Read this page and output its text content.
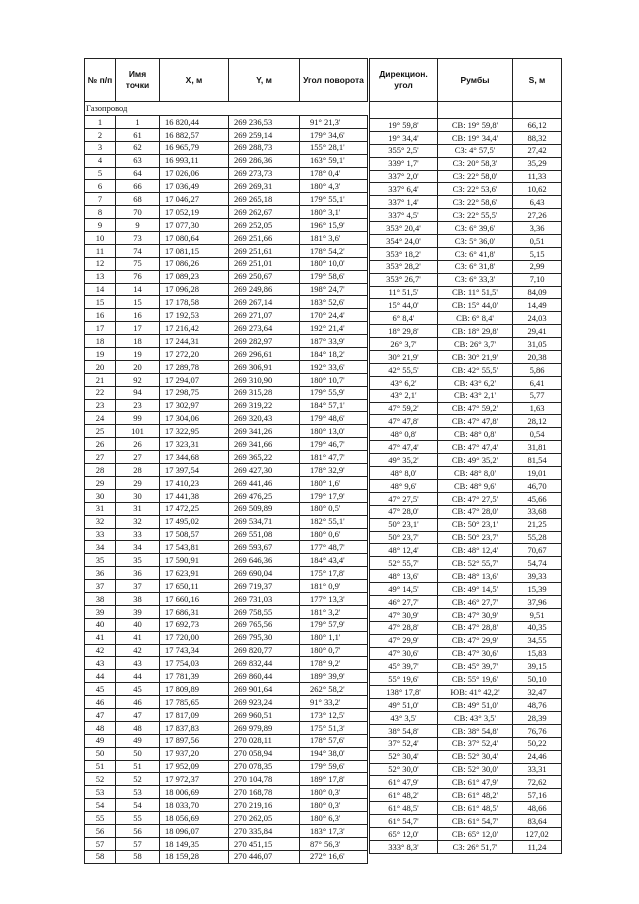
№ п/п	Имя точки	X, м	Y, м	Угол поворота
Газопровод				
1	1	16 820,44	269 236,53	91° 21,3'
2	61	16 882,57	269 259,14	179° 34,6'
3	62	16 965,79	269 288,73	155° 28,1'
4	63	16 993,11	269 286,36	163° 59,1'
5	64	17 026,06	269 273,73	178° 0,4'
6	66	17 036,49	269 269,31	180° 4,3'
7	68	17 046,27	269 265,18	179° 55,1'
8	70	17 052,19	269 262,67	180° 3,1'
9	9	17 077,30	269 252,05	196° 15,9'
10	73	17 080,64	269 251,66	181° 3,6'
11	74	17 081,15	269 251,61	178° 54,2'
12	75	17 086,26	269 251,01	180° 10,0'
13	76	17 089,23	269 250,67	179° 58,6'
14	14	17 096,28	269 249,86	198° 24,7'
15	15	17 178,58	269 267,14	183° 52,6'
16	16	17 192,53	269 271,07	170° 24,4'
17	17	17 216,42	269 273,64	192° 21,4'
18	18	17 244,31	269 282,97	187° 33,9'
19	19	17 272,20	269 296,61	184° 18,2'
20	20	17 289,78	269 306,91	192° 33,6'
21	92	17 294,07	269 310,90	180° 10,7'
22	94	17 298,75	269 315,28	179° 55,9'
23	23	17 302,97	269 319,22	184° 57,1'
24	99	17 304,06	269 320,43	179° 48,6'
25	101	17 322,95	269 341,26	180° 13,0'
26	26	17 323,31	269 341,66	179° 46,7'
27	27	17 344,68	269 365,22	181° 47,7'
28	28	17 397,54	269 427,30	178° 32,9'
29	29	17 410,23	269 441,46	180° 1,6'
30	30	17 441,38	269 476,25	179° 17,9'
31	31	17 472,25	269 509,89	180° 0,5'
32	32	17 495,02	269 534,71	182° 55,1'
33	33	17 508,57	269 551,08	180° 0,6'
34	34	17 543,81	269 593,67	177° 48,7'
35	35	17 590,91	269 646,36	184° 43,4'
36	36	17 623,91	269 690,04	175° 17,8'
37	37	17 650,11	269 719,37	181° 0,9'
38	38	17 660,16	269 731,03	177° 13,3'
39	39	17 686,31	269 758,55	181° 3,2'
40	40	17 692,73	269 765,56	179° 57,9'
41	41	17 720,00	269 795,30	180° 1,1'
42	42	17 743,34	269 820,77	180° 0,7'
43	43	17 754,03	269 832,44	178° 9,2'
44	44	17 781,39	269 860,44	189° 39,9'
45	45	17 809,89	269 901,64	262° 58,2'
46	46	17 785,65	269 923,24	91° 33,2'
47	47	17 817,09	269 960,51	173° 12,5'
48	48	17 837,83	269 979,89	175° 51,3'
49	49	17 897,56	270 028,11	178° 57,6'
50	50	17 937,20	270 058,94	194° 38,0'
51	51	17 952,09	270 078,35	179° 59,6'
52	52	17 972,37	270 104,78	189° 17,8'
53	53	18 006,69	270 168,78	180° 0,3'
54	54	18 033,70	270 219,16	180° 0,3'
55	55	18 056,69	270 262,05	180° 6,3'
56	56	18 096,07	270 335,84	183° 17,3'
57	57	18 149,35	270 451,15	87° 56,3'
58	58	18 159,28	270 446,07	272° 16,6'
Дирекцион. угол	Румбы	S, м

19° 59,8'	СВ: 19° 59,8'	66,12
19° 34,4'	СВ: 19° 34,4'	88,32
355° 2,5'	СЗ: 4° 57,5'	27,42
339° 1,7'	СЗ: 20° 58,3'	35,29
337° 2,0'	СЗ: 22° 58,0'	11,33
337° 6,4'	СЗ: 22° 53,6'	10,62
337° 1,4'	СЗ: 22° 58,6'	6,43
337° 4,5'	СЗ: 22° 55,5'	27,26
353° 20,4'	СЗ: 6° 39,6'	3,36
354° 24,0'	СЗ: 5° 36,0'	0,51
353° 18,2'	СЗ: 6° 41,8'	5,15
353° 28,2'	СЗ: 6° 31,8'	2,99
353° 26,7'	СЗ: 6° 33,3'	7,10
11° 51,5'	СВ: 11° 51,5'	84,09
15° 44,0'	СВ: 15° 44,0'	14,49
6° 8,4'	СВ: 6° 8,4'	24,03
18° 29,8'	СВ: 18° 29,8'	29,41
26° 3,7'	СВ: 26° 3,7'	31,05
30° 21,9'	СВ: 30° 21,9'	20,38
42° 55,5'	СВ: 42° 55,5'	5,86
43° 6,2'	СВ: 43° 6,2'	6,41
43° 2,1'	СВ: 43° 2,1'	5,77
47° 59,2'	СВ: 47° 59,2'	1,63
47° 47,8'	СВ: 47° 47,8'	28,12
48° 0,8'	СВ: 48° 0,8'	0,54
47° 47,4'	СВ: 47° 47,4'	31,81
49° 35,2'	СВ: 49° 35,2'	81,54
48° 8,0'	СВ: 48° 8,0'	19,01
48° 9,6'	СВ: 48° 9,6'	46,70
47° 27,5'	СВ: 47° 27,5'	45,66
47° 28,0'	СВ: 47° 28,0'	33,68
50° 23,1'	СВ: 50° 23,1'	21,25
50° 23,7'	СВ: 50° 23,7'	55,28
48° 12,4'	СВ: 48° 12,4'	70,67
52° 55,7'	СВ: 52° 55,7'	54,74
48° 13,6'	СВ: 48° 13,6'	39,33
49° 14,5'	СВ: 49° 14,5'	15,39
46° 27,7'	СВ: 46° 27,7'	37,96
47° 30,9'	СВ: 47° 30,9'	9,51
47° 28,8'	СВ: 47° 28,8'	40,35
47° 29,9'	СВ: 47° 29,9'	34,55
47° 30,6'	СВ: 47° 30,6'	15,83
45° 39,7'	СВ: 45° 39,7'	39,15
55° 19,6'	СВ: 55° 19,6'	50,10
138° 17,8'	ЮВ: 41° 42,2'	32,47
49° 51,0'	СВ: 49° 51,0'	48,76
43° 3,5'	СВ: 43° 3,5'	28,39
38° 54,8'	СВ: 38° 54,8'	76,76
37° 52,4'	СВ: 37° 52,4'	50,22
52° 30,4'	СВ: 52° 30,4'	24,46
52° 30,0'	СВ: 52° 30,0'	33,31
61° 47,9'	СВ: 61° 47,9'	72,62
61° 48,2'	СВ: 61° 48,2'	57,16
61° 48,5'	СВ: 61° 48,5'	48,66
61° 54,7'	СВ: 61° 54,7'	83,64
65° 12,0'	СВ: 65° 12,0'	127,02
333° 8,3'	СЗ: 26° 51,7'	11,24
